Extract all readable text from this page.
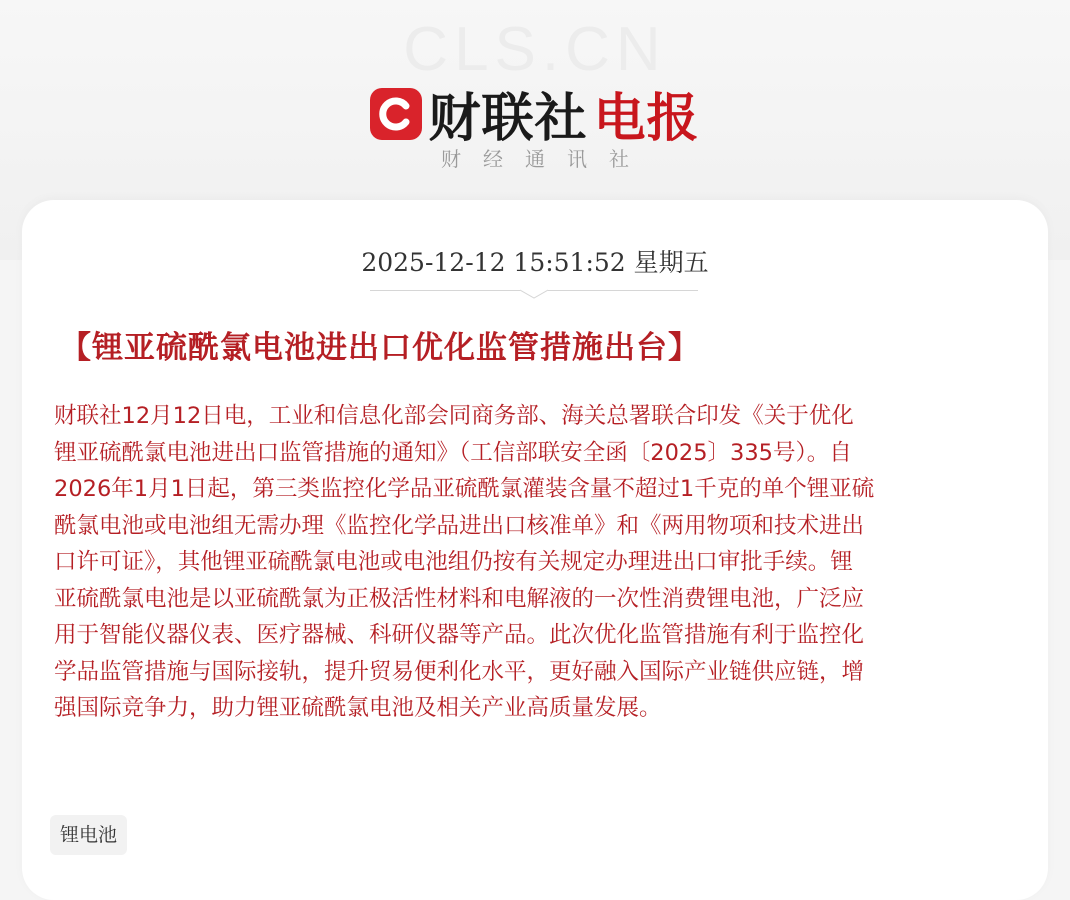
CLS.CN
财联社 电报
财经通讯社
2025-12-12 15:51:52 星期五
【锂亚硫酰氯电池进出口优化监管措施出台】
财联社12月12日电，工业和信息化部会同商务部、海关总署联合印发《关于优化
锂亚硫酰氯电池进出口监管措施的通知》（工信部联安全函〔2025〕335号）。自
2026年1月1日起，第三类监控化学品亚硫酰氯灌装含量不超过1千克的单个锂亚硫
酰氯电池或电池组无需办理《监控化学品进出口核准单》和《两用物项和技术进出
口许可证》，其他锂亚硫酰氯电池或电池组仍按有关规定办理进出口审批手续。锂
亚硫酰氯电池是以亚硫酰氯为正极活性材料和电解液的一次性消费锂电池，广泛应
用于智能仪器仪表、医疗器械、科研仪器等产品。此次优化监管措施有利于监控化
学品监管措施与国际接轨，提升贸易便利化水平，更好融入国际产业链供应链，增
强国际竞争力，助力锂亚硫酰氯电池及相关产业高质量发展。
锂电池
